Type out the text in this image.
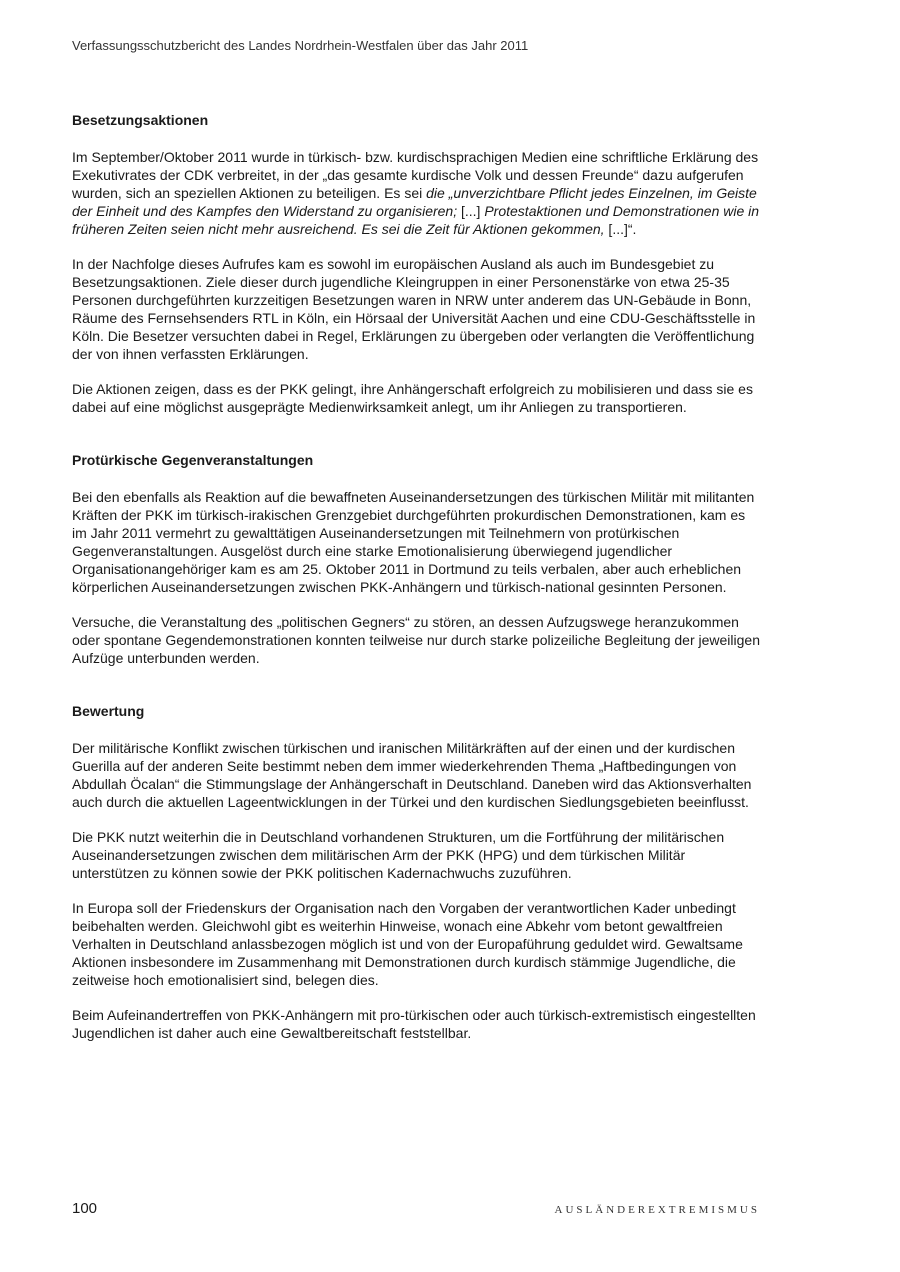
Verfassungsschutzbericht des Landes Nordrhein-Westfalen über das Jahr 2011
Besetzungsaktionen

Im September/Oktober 2011 wurde in türkisch- bzw. kurdischsprachigen Medien eine schriftliche Erklärung des Exekutivrates der CDK verbreitet, in der „das gesamte kurdische Volk und dessen Freunde“ dazu aufgerufen wurden, sich an speziellen Aktionen zu beteiligen. Es sei die „unverzichtbare Pflicht jedes Einzelnen, im Geiste der Einheit und des Kampfes den Widerstand zu organisieren; [...] Protestaktionen und Demonstrationen wie in früheren Zeiten seien nicht mehr ausreichend. Es sei die Zeit für Aktionen gekommen, [...]“.

In der Nachfolge dieses Aufrufes kam es sowohl im europäischen Ausland als auch im Bundesgebiet zu Besetzungsaktionen. Ziele dieser durch jugendliche Kleingruppen in einer Personenstärke von etwa 25-35 Personen durchgeführten kurzzeitigen Besetzungen waren in NRW unter anderem das UN-Gebäude in Bonn, Räume des Fernsehsenders RTL in Köln, ein Hörsaal der Universität Aachen und eine CDU-Geschäftsstelle in Köln. Die Besetzer versuchten dabei in Regel, Erklärungen zu übergeben oder verlangten die Veröffentlichung der von ihnen verfassten Erklärungen.

Die Aktionen zeigen, dass es der PKK gelingt, ihre Anhängerschaft erfolgreich zu mobilisieren und dass sie es dabei auf eine möglichst ausgeprägte Medienwirksamkeit anlegt, um ihr Anliegen zu transportieren.

Protürkische Gegenveranstaltungen

Bei den ebenfalls als Reaktion auf die bewaffneten Auseinandersetzungen des türkischen Militär mit militanten Kräften der PKK im türkisch-irakischen Grenzgebiet durchgeführten prokurdischen Demonstrationen, kam es im Jahr 2011 vermehrt zu gewalttätigen Auseinandersetzungen mit Teilnehmern von protürkischen Gegenveranstaltungen. Ausgelöst durch eine starke Emotionalisierung überwiegend jugendlicher Organisationangehöriger kam es am 25. Oktober 2011 in Dortmund zu teils verbalen, aber auch erheblichen körperlichen Auseinandersetzungen zwischen PKK-Anhängern und türkisch-national gesinnten Personen.

Versuche, die Veranstaltung des „politischen Gegners“ zu stören, an dessen Aufzugswege heranzukommen oder spontane Gegendemonstrationen konnten teilweise nur durch starke polizeiliche Begleitung der jeweiligen Aufzüge unterbunden werden.

Bewertung

Der militärische Konflikt zwischen türkischen und iranischen Militärkräften auf der einen und der kurdischen Guerilla auf der anderen Seite bestimmt neben dem immer wiederkehrenden Thema „Haftbedingungen von Abdullah Öcalan“ die Stimmungslage der Anhängerschaft in Deutschland. Daneben wird das Aktionsverhalten auch durch die aktuellen Lageentwicklungen in der Türkei und den kurdischen Siedlungsgebieten beeinflusst.

Die PKK nutzt weiterhin die in Deutschland vorhandenen Strukturen, um die Fortführung der militärischen Auseinandersetzungen zwischen dem militärischen Arm der PKK (HPG) und dem türkischen Militär unterstützen zu können sowie der PKK politischen Kadernachwuchs zuzuführen.

In Europa soll der Friedenskurs der Organisation nach den Vorgaben der verantwortlichen Kader unbedingt beibehalten werden. Gleichwohl gibt es weiterhin Hinweise, wonach eine Abkehr vom betont gewaltfreien Verhalten in Deutschland anlassbezogen möglich ist und von der Europaführung geduldet wird. Gewaltsame Aktionen insbesondere im Zusammenhang mit Demonstrationen durch kurdisch stämmige Jugendliche, die zeitweise hoch emotionalisiert sind, belegen dies.

Beim Aufeinandertreffen von PKK-Anhängern mit pro-türkischen oder auch türkisch-extremistisch eingestellten Jugendlichen ist daher auch eine Gewaltbereitschaft feststellbar.

100	AUSLÄNDEREXTREMISMUS
